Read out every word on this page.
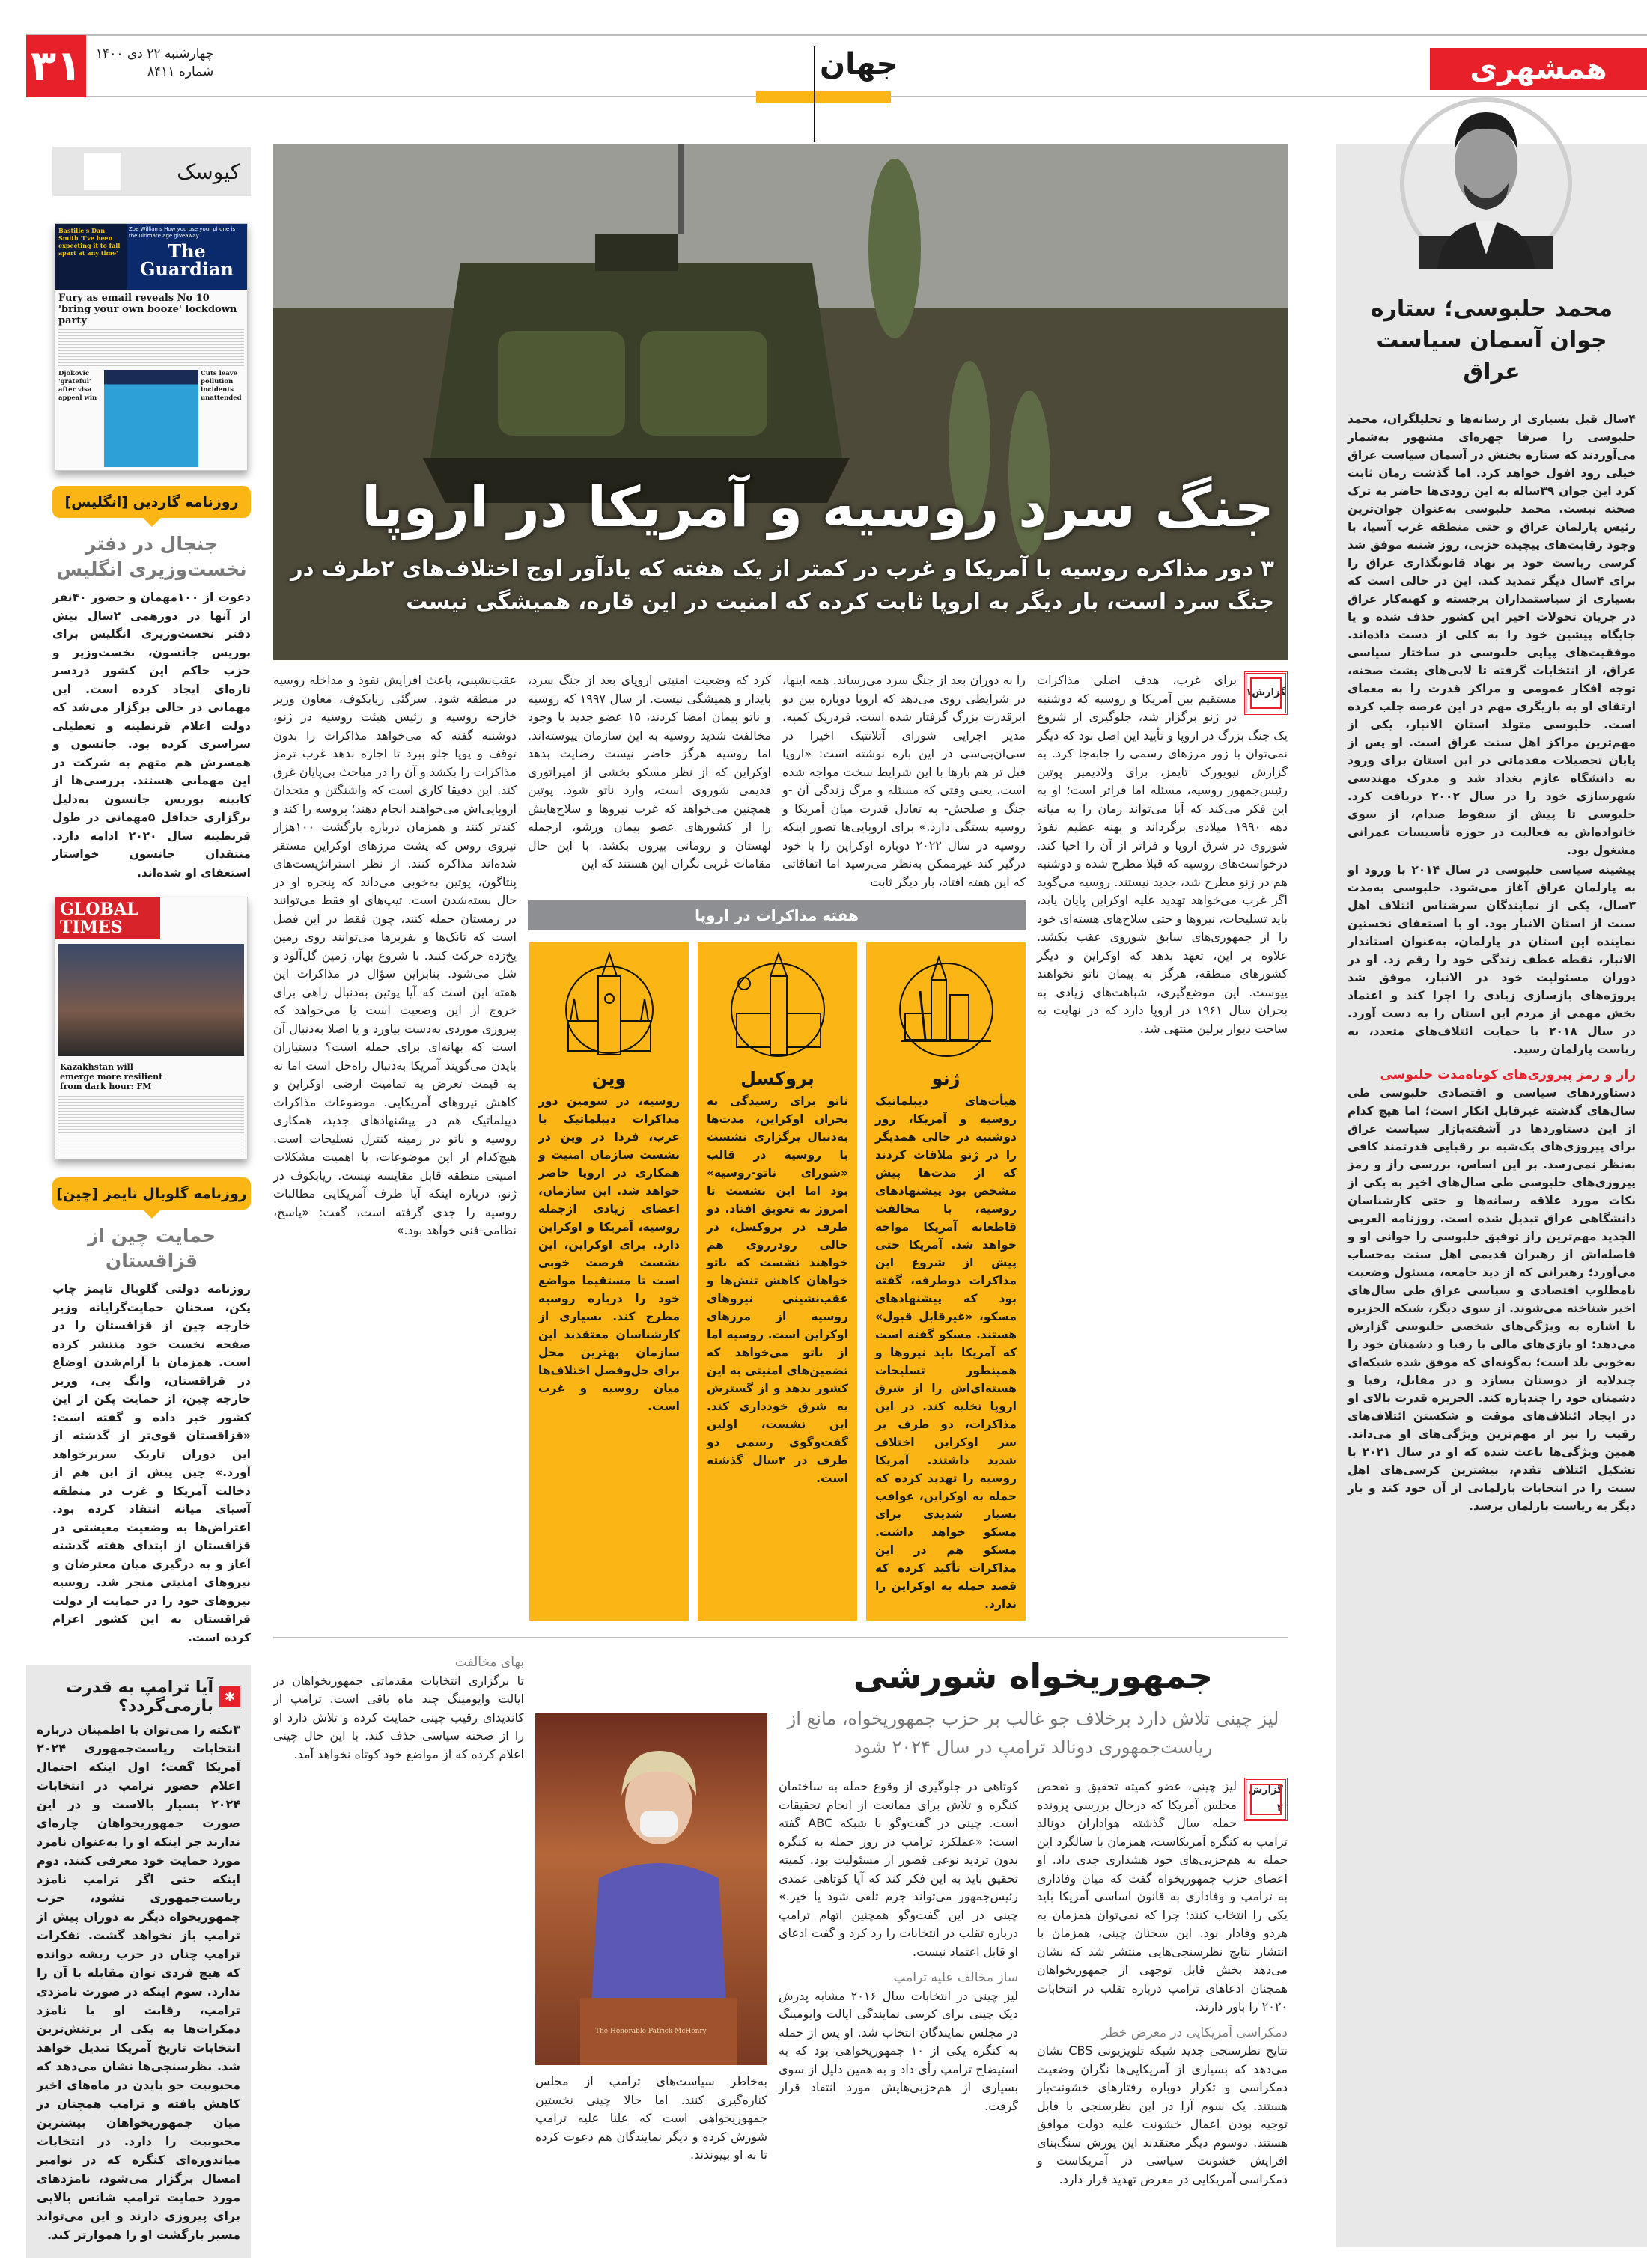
۳۱	چهارشنبه ۲۲ دی ۱۴۰۰
شماره ۸۴۱۱	جهان	همشهری
محمد حلبوسی؛ ستاره جوان آسمان سیاست عراق

۴سال قبل بسیاری از رسانه‌ها و تحلیلگران، محمد حلبوسی را صرفا چهره‌ای مشهور به‌شمار می‌آوردند که ستاره بختش در آسمان سیاست عراق خیلی زود افول خواهد کرد. اما گذشت زمان ثابت کرد این جوان ۳۹ساله به این زودی‌ها حاضر به ترک صحنه نیست. محمد حلبوسی به‌عنوان جوان‌ترین رئیس پارلمان عراق و حتی منطقه غرب آسیا، با وجود رقابت‌های پیچیده حزبی، روز شنبه موفق شد کرسی ریاست خود بر نهاد قانونگذاری عراق را برای ۴سال دیگر تمدید کند. این در حالی است که بسیاری از سیاستمداران برجسته و کهنه‌کار عراق در جریان تحولات اخیر این کشور حذف شده و یا جایگاه پیشین خود را به کلی از دست داده‌اند. موفقیت‌های پیاپی حلبوسی در ساختار سیاسی عراق، از انتخابات گرفته تا لابی‌های پشت صحنه، توجه افکار عمومی و مراکز قدرت را به معمای ارتقای او به بازیگری مهم در این عرصه جلب کرده است. حلبوسی متولد استان الانبار، یکی از مهم‌ترین مراکز اهل سنت عراق است. او پس از پایان تحصیلات مقدماتی در این استان برای ورود به دانشگاه عازم بغداد شد و مدرک مهندسی شهرسازی خود را در سال ۲۰۰۲ دریافت کرد. حلبوسی تا پیش از سقوط صدام، از سوی خانواده‌اش به فعالیت در حوزه تأسیسات عمرانی مشغول بود.

پیشینه سیاسی حلبوسی در سال ۲۰۱۴ با ورود او به پارلمان عراق آغاز می‌شود. حلبوسی به‌مدت ۳سال، یکی از نمایندگان سرشناس ائتلاف اهل سنت از استان الانبار بود. او با استعفای نخستین نماینده این استان در پارلمان، به‌عنوان استاندار الانبار، نقطه عطف زندگی خود را رقم زد. او در دوران مسئولیت خود در الانبار، موفق شد پروژه‌های بازسازی زیادی را اجرا کند و اعتماد بخش مهمی از مردم این استان را به دست آورد. در سال ۲۰۱۸ با حمایت ائتلاف‌های متعدد، به ریاست پارلمان رسید.

راز و رمز پیروزی‌های کوتاه‌مدت حلبوسی

دستاوردهای سیاسی و اقتصادی حلبوسی طی سال‌های گذشته غیرقابل انکار است؛ اما هیچ کدام از این دستاوردها در آشفته‌بازار سیاست عراق برای پیروزی‌های یک‌شبه بر رقبایی قدرتمند کافی به‌نظر نمی‌رسد. بر این اساس، بررسی راز و رمز پیروزی‌های حلبوسی طی سال‌های اخیر به یکی از نکات مورد علاقه رسانه‌ها و حتی کارشناسان دانشگاهی عراق تبدیل شده است. روزنامه العربی الجدید مهم‌ترین راز توفیق حلبوسی را جوانی او و فاصله‌اش از رهبران قدیمی اهل سنت به‌حساب می‌آورد؛ رهبرانی که از دید جامعه، مسئول وضعیت نامطلوب اقتصادی و سیاسی عراق طی سال‌های اخیر شناخته می‌شوند. از سوی دیگر، شبکه الجزیره با اشاره به ویژگی‌های شخصی حلبوسی گزارش می‌دهد: او بازی‌های مالی با رقبا و دشمنان خود را به‌خوبی بلد است؛ به‌گونه‌ای که موفق شده شبکه‌ای چندلایه از دوستان بسازد و در مقابل، رقبا و دشمنان خود را چندپاره کند. الجزیره قدرت بالای او در ایجاد ائتلاف‌های موقت و شکستن ائتلاف‌های رقیب را نیز از مهم‌ترین ویژگی‌های او می‌داند. همین ویژگی‌ها باعث شده که او در سال ۲۰۲۱ با تشکیل ائتلاف تقدم، بیشترین کرسی‌های اهل سنت را در انتخابات پارلمانی از آن خود کند و بار دیگر به ریاست پارلمان برسد.

کیوسک
Bastille's Dan Smith 'I've been expecting it to fall apart at any time'
Zoe Williams How you use your phone is the ultimate age giveaway
The Guardian
Fury as email reveals No 10 'bring your own booze' lockdown party
Djokovic 'grateful' after visa appeal win
Cuts leave pollution incidents unattended
روزنامه گاردین [انگلیس]
جنجال در دفتر نخست‌وزیری انگلیس
دعوت از ۱۰۰مهمان و حضور ۴۰نفر از آنها در دورهمی ۲سال پیش دفتر نخست‌وزیری انگلیس برای بوریس جانسون، نخست‌وزیر و حزب حاکم این کشور دردسر تازه‌ای ایجاد کرده است. این مهمانی در حالی برگزار می‌شد که دولت اعلام قرنطینه و تعطیلی سراسری کرده بود. جانسون و همسرش هم متهم به شرکت در این مهمانی هستند. بررسی‌ها از کابینه بوریس جانسون به‌دلیل برگزاری حداقل ۵مهمانی در طول قرنطینه سال ۲۰۲۰ ادامه دارد. منتقدان جانسون خواستار استعفای او شده‌اند.
GLOBAL TIMES
Kazakhstan will emerge more resilient from dark hour: FM
روزنامه گلوبال تایمز [چین]
حمایت چین از قزاقستان
روزنامه دولتی گلوبال تایمز چاپ پکن، سخنان حمایت‌گرایانه وزیر خارجه چین از قزاقستان را در صفحه نخست خود منتشر کرده است. همزمان با آرام‌شدن اوضاع در قزاقستان، وانگ یی، وزیر خارجه چین، از حمایت پکن از این کشور خبر داده و گفته است: «قزاقستان قوی‌تر از گذشته از این دوران تاریک سربرخواهد آورد.» چین پیش از این هم از دخالت آمریکا و غرب در منطقه آسیای میانه انتقاد کرده بود. اعتراض‌ها به وضعیت معیشتی در قزاقستان از ابتدای هفته گذشته آغاز و به درگیری میان معترضان و نیروهای امنیتی منجر شد. روسیه نیروهای خود را در حمایت از دولت قزاقستان به این کشور اعزام کرده است.
✱
آیا ترامپ به قدرت بازمی‌گردد؟
۳نکته را می‌توان با اطمینان درباره انتخابات ریاست‌جمهوری ۲۰۲۴ آمریکا گفت؛ اول اینکه احتمال اعلام حضور ترامپ در انتخابات ۲۰۲۴ بسیار بالاست و در این صورت جمهوریخواهان چاره‌ای ندارند جز اینکه او را به‌عنوان نامزد مورد حمایت خود معرفی کنند. دوم اینکه حتی اگر ترامپ نامزد ریاست‌جمهوری نشود، حزب جمهوریخواه دیگر به دوران پیش از ترامپ باز نخواهد گشت. تفکرات ترامپ چنان در حزب ریشه دوانده که هیچ فردی توان مقابله با آن را ندارد. سوم اینکه در صورت نامزدی ترامپ، رقابت او با نامزد دمکرات‌ها به یکی از پرتنش‌ترین انتخابات تاریخ آمریکا تبدیل خواهد شد. نظرسنجی‌ها نشان می‌دهد که محبوبیت جو بایدن در ماه‌های اخیر کاهش یافته و ترامپ همچنان در میان جمهوریخواهان بیشترین محبوبیت را دارد. در انتخابات میاندوره‌ای کنگره که در نوامبر امسال برگزار می‌شود، نامزدهای مورد حمایت ترامپ شانس بالایی برای پیروزی دارند و این می‌تواند مسیر بازگشت او را هموارتر کند.
جنگ سرد روسیه و آمریکا در اروپا
۳ دور مذاکره روسیه با آمریکا و غرب در کمتر از یک هفته که یادآور اوج اختلاف‌های ۲طرف در جنگ سرد است، بار دیگر به اروپا ثابت کرده که امنیت در این قاره، همیشگی نیست
گزارش۱
برای غرب، هدف اصلی مذاکرات مستقیم بین آمریکا و روسیه که دوشنبه در ژنو برگزار شد، جلوگیری از شروع یک جنگ بزرگ در اروپا و تأیید این اصل بود که دیگر نمی‌توان با زور مرزهای رسمی را جابه‌جا کرد. به گزارش نیویورک تایمز، برای ولادیمیر پوتین رئیس‌جمهور روسیه، مسئله اما فراتر است؛ او به این فکر می‌کند که آیا می‌تواند زمان را به میانه دهه ۱۹۹۰ میلادی برگرداند و پهنه عظیم نفوذ شوروی در شرق اروپا و فراتر از آن را احیا کند. درخواست‌های روسیه که قبلا مطرح شده و دوشنبه هم در ژنو مطرح شد، جدید نیستند. روسیه می‌گوید اگر غرب می‌خواهد تهدید علیه اوکراین پایان یابد، باید تسلیحات، نیروها و حتی سلاح‌های هسته‌ای خود را از جمهوری‌های سابق شوروی عقب بکشد. علاوه بر این، تعهد بدهد که اوکراین و دیگر کشورهای منطقه، هرگز به پیمان ناتو نخواهند پیوست. این موضع‌گیری، شباهت‌های زیادی به بحران سال ۱۹۶۱ در اروپا دارد که در نهایت به ساخت دیوار برلین منتهی شد.
را به دوران بعد از جنگ سرد می‌رساند. همه اینها، در شرایطی روی می‌دهد که اروپا دوباره بین دو ابرقدرت بزرگ گرفتار شده است. فردریک کمپه، مدیر اجرایی شورای آتلانتیک اخیرا در سی‌ان‌بی‌سی در این باره نوشته است: «اروپا قبل تر هم بارها با این شرایط سخت مواجه شده است، یعنی وقتی که مسئله و مرگ زندگی آن -و جنگ و صلحش- به تعادل قدرت میان آمریکا و روسیه بستگی دارد.» برای اروپایی‌ها تصور اینکه روسیه در سال ۲۰۲۲ دوباره اوکراین را با خود درگیر کند غیرممکن به‌نظر می‌رسید اما اتفاقاتی که این هفته افتاد، بار دیگر ثابت
کرد که وضعیت امنیتی اروپای بعد از جنگ سرد، پایدار و همیشگی نیست. از سال ۱۹۹۷ که روسیه و ناتو پیمان امضا کردند، ۱۵ عضو جدید با وجود مخالفت شدید روسیه به این سازمان پیوسته‌اند. اما روسیه هرگز حاضر نیست رضایت بدهد اوکراین که از نظر مسکو بخشی از امپراتوری قدیمی شوروی است، وارد ناتو شود. پوتین همچنین می‌خواهد که غرب نیروها و سلاح‌هایش را از کشورهای عضو پیمان ورشو، ازجمله لهستان و رومانی بیرون بکشد. با این حال مقامات غربی نگران این هستند که این
هفته مذاکرات در اروپا
ژنو
هیأت‌های دیپلماتیک روسیه و آمریکا، روز دوشنبه در حالی همدیگر را در ژنو ملاقات کردند که از مدت‌ها پیش مشخص بود پیشنهادهای روسیه، با مخالفت قاطعانه آمریکا مواجه خواهد شد. آمریکا حتی پیش از شروع این مذاکرات دوطرفه، گفته بود که پیشنهادهای مسکو، «غیرقابل قبول» هستند. مسکو گفته است که آمریکا باید نیروها و همینطور تسلیحات هسته‌ای‌اش را از شرق اروپا تخلیه کند. در این مذاکرات، دو طرف بر سر اوکراین اختلاف شدید داشتند. آمریکا روسیه را تهدید کرده که حمله به اوکراین، عواقب بسیار شدیدی برای مسکو خواهد داشت. مسکو هم در این مذاکرات تأکید کرده که قصد حمله به اوکراین را ندارد.
بروکسل
ناتو برای رسیدگی به بحران اوکراین، مدت‌ها به‌دنبال برگزاری نشست با روسیه در قالب «شورای ناتو-روسیه» بود اما این نشست تا امروز به تعویق افتاد. دو طرف در بروکسل، در حالی رودرروی هم خواهند نشست که ناتو خواهان کاهش تنش‌ها و عقب‌نشینی نیروهای روسیه از مرزهای اوکراین است. روسیه اما از ناتو می‌خواهد که تضمین‌های امنیتی به این کشور بدهد و از گسترش به شرق خودداری کند. این نشست، اولین گفت‌وگوی رسمی دو طرف در ۲سال گذشته است.
وین
روسیه، در سومین دور مذاکرات دیپلماتیک با غرب، فردا در وین در نشست سازمان امنیت و همکاری در اروپا حاضر خواهد شد. این سازمان، اعضای زیادی ازجمله روسیه، آمریکا و اوکراین دارد. برای اوکراین، این نشست فرصت خوبی است تا مستقیما مواضع خود را درباره روسیه مطرح کند. بسیاری از کارشناسان معتقدند این سازمان بهترین محل برای حل‌وفصل اختلاف‌ها میان روسیه و غرب است.
عقب‌نشینی، باعث افزایش نفوذ و مداخله روسیه در منطقه شود. سرگئی ریابکوف، معاون وزیر خارجه روسیه و رئیس هیئت روسیه در ژنو، دوشنبه گفته که می‌خواهد مذاکرات را بدون توقف و پویا جلو ببرد تا اجازه ندهد غرب ترمز مذاکرات را بکشد و آن را در مباحث بی‌پایان غرق کند. این دقیقا کاری است که واشنگتن و متحدان اروپایی‌اش می‌خواهند انجام دهند؛ پروسه را کند و کندتر کنند و همزمان درباره بازگشت ۱۰۰هزار نیروی روس که پشت مرزهای اوکراین مستقر شده‌اند مذاکره کنند. از نظر استراتژیست‌های پنتاگون، پوتین به‌خوبی می‌داند که پنجره او در حال بسته‌شدن است. تیپ‌های او فقط می‌توانند در زمستان حمله کنند، چون فقط در این فصل است که تانک‌ها و نفربرها می‌توانند روی زمین یخ‌زده حرکت کنند. با شروع بهار، زمین گل‌آلود و شل می‌شود. بنابراین سؤال در مذاکرات این هفته این است که آیا پوتین به‌دنبال راهی برای خروج از این وضعیت است یا می‌خواهد که پیروزی موردی به‌دست بیاورد و یا اصلا به‌دنبال آن است که بهانه‌ای برای حمله است؟ دستیاران بایدن می‌گویند آمریکا به‌دنبال راه‌حل است اما نه به قیمت تعرض به تمامیت ارضی اوکراین و کاهش نیروهای آمریکایی. موضوعات مذاکرات دیپلماتیک هم در پیشنهادهای جدید، همکاری روسیه و ناتو در زمینه کنترل تسلیحات است. هیچ‌کدام از این موضوعات، با اهمیت مشکلات امنیتی منطقه قابل مقایسه نیست. ریابکوف در ژنو، درباره اینکه آیا طرف آمریکایی مطالبات روسیه را جدی گرفته است، گفت: «پاسخ، نظامی-فنی خواهد بود.»
جمهوریخواه شورشی
لیز چینی تلاش دارد برخلاف جو غالب بر حزب جمهوریخواه، مانع از ریاست‌جمهوری دونالد ترامپ در سال ۲۰۲۴ شود
گزارش ۲
لیز چینی، عضو کمیته تحقیق و تفحص مجلس آمریکا که درحال بررسی پرونده حمله سال گذشته هواداران دونالد ترامپ به کنگره آمریکاست، همزمان با سالگرد این حمله به هم‌حزبی‌های خود هشداری جدی داد. او اعضای حزب جمهوریخواه گفت که میان وفاداری به ترامپ و وفاداری به قانون اساسی آمریکا باید یکی را انتخاب کنند؛ چرا که نمی‌توان همزمان به هردو وفادار بود. این سخنان چینی، همزمان با انتشار نتایج نظرسنجی‌هایی منتشر شد که نشان می‌دهد بخش قابل توجهی از جمهوریخواهان همچنان ادعاهای ترامپ درباره تقلب در انتخابات ۲۰۲۰ را باور دارند.
دمکراسی آمریکایی در معرض خطر

نتایج نظرسنجی جدید شبکه تلویزیونی CBS نشان می‌دهد که بسیاری از آمریکایی‌ها نگران وضعیت دمکراسی و تکرار دوباره رفتارهای خشونت‌بار هستند. یک سوم آرا در این نظرسنجی با قابل توجیه بودن اعمال خشونت علیه دولت موافق هستند. دوسوم دیگر معتقدند این یورش سنگ‌بنای افزایش خشونت سیاسی در آمریکاست و دمکراسی آمریکایی در معرض تهدید قرار دارد.

کوتاهی در جلوگیری از وقوع حمله به ساختمان کنگره و تلاش برای ممانعت از انجام تحقیقات است. چینی در گفت‌وگو با شبکه ABC گفته است: «عملکرد ترامپ در روز حمله به کنگره بدون تردید نوعی قصور از مسئولیت بود. کمیته تحقیق باید به این فکر کند که آیا کوتاهی عمدی رئیس‌جمهور می‌تواند جرم تلقی شود یا خیر.» چینی در این گفت‌وگو همچنین اتهام ترامپ درباره تقلب در انتخابات را رد کرد و گفت ادعای او قابل اعتماد نیست.
ساز مخالف علیه ترامپ

لیز چینی در انتخابات سال ۲۰۱۶ مشابه پدرش دیک چینی برای کرسی نمایندگی ایالت وایومینگ در مجلس نمایندگان انتخاب شد. او پس از حمله به کنگره یکی از ۱۰ جمهوریخواهی بود که به استیضاح ترامپ رأی داد و به همین دلیل از سوی بسیاری از هم‌حزبی‌هایش مورد انتقاد قرار گرفت.

The Honorable Patrick McHenry
به‌خاطر سیاست‌های ترامپ از مجلس کناره‌گیری کنند. اما حالا چینی نخستین جمهوریخواهی است که علنا علیه ترامپ شورش کرده و دیگر نمایندگان هم دعوت کرده تا به او بپیوندند.
بهای مخالفت

تا برگزاری انتخابات مقدماتی جمهوریخواهان در ایالت وایومینگ چند ماه باقی است. ترامپ از کاندیدای رقیب چینی حمایت کرده و تلاش دارد او را از صحنه سیاسی حذف کند. با این حال چینی اعلام کرده که از مواضع خود کوتاه نخواهد آمد.
